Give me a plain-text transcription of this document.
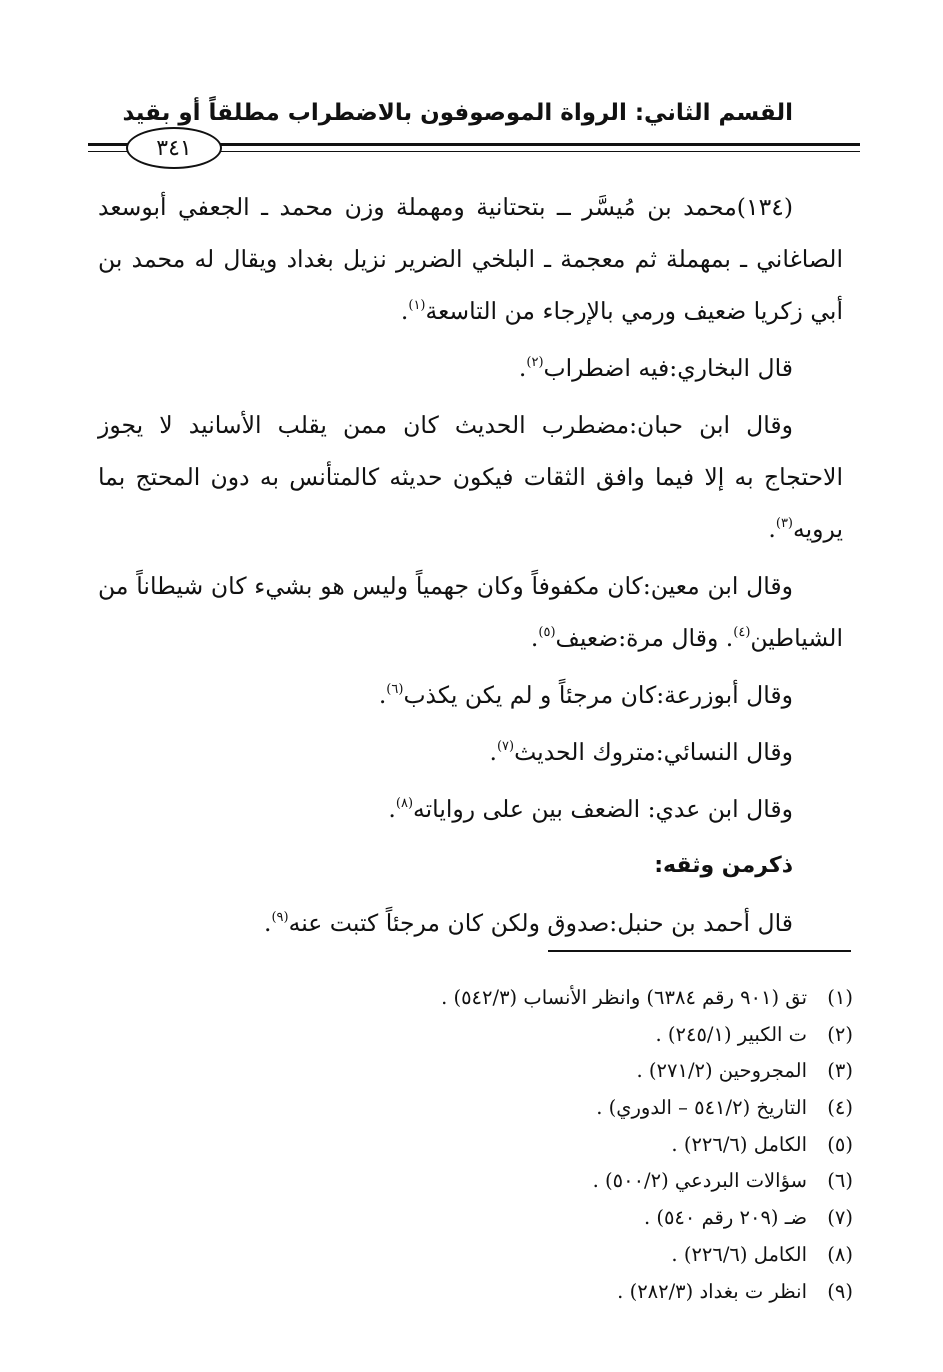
القسم الثاني: الرواة الموصوفون بالاضطراب مطلقاً أو بقيد
٣٤١

(١٣٤)محمد بن مُيسَّر ــ بتحتانية ومهملة وزن محمد ـ الجعفي أبوسعد الصاغاني ـ بمهملة ثم معجمة ـ البلخي الضرير نزيل بغداد ويقال له محمد بن أبي زكريا ضعيف ورمي بالإرجاء من التاسعة$^{(١)}$.

قال البخاري:فيه اضطراب$^{(٢)}$.

وقال ابن حبان:مضطرب الحديث كان ممن يقلب الأسانيد لا يجوز الاحتجاج به إلا فيما وافق الثقات فيكون حديثه كالمتأنس به دون المحتج بما يرويه$^{(٣)}$.

وقال ابن معين:كان مكفوفاً وكان جهمياً وليس هو بشيء كان شيطاناً من الشياطين$^{(٤)}$. وقال مرة:ضعيف$^{(٥)}$.

وقال أبوزرعة:كان مرجئاً و لم يكن يكذب$^{(٦)}$.

وقال النسائي:متروك الحديث$^{(٧)}$.

وقال ابن عدي: الضعف بين على رواياته$^{(٨)}$.

ذكرمن وثقه:

قال أحمد بن حنبل:صدوق ولكن كان مرجئاً كتبت عنه$^{(٩)}$.

(١)تق (٩٠١ رقم ٦٣٨٤) وانظر الأنساب (٥٤٢/٣) .
(٢)ت الكبير (٢٤٥/١) .
(٣)المجروحين (٢٧١/٢) .
(٤)التاريخ (٥٤١/٢ – الدوري) .
(٥)الكامل (٢٢٦/٦) .
(٦)سؤالات البردعي (٥٠٠/٢) .
(٧)ضـ (٢٠٩ رقم ٥٤٠) .
(٨)الكامل (٢٢٦/٦) .
(٩)انظر ت بغداد (٢٨٢/٣) .
